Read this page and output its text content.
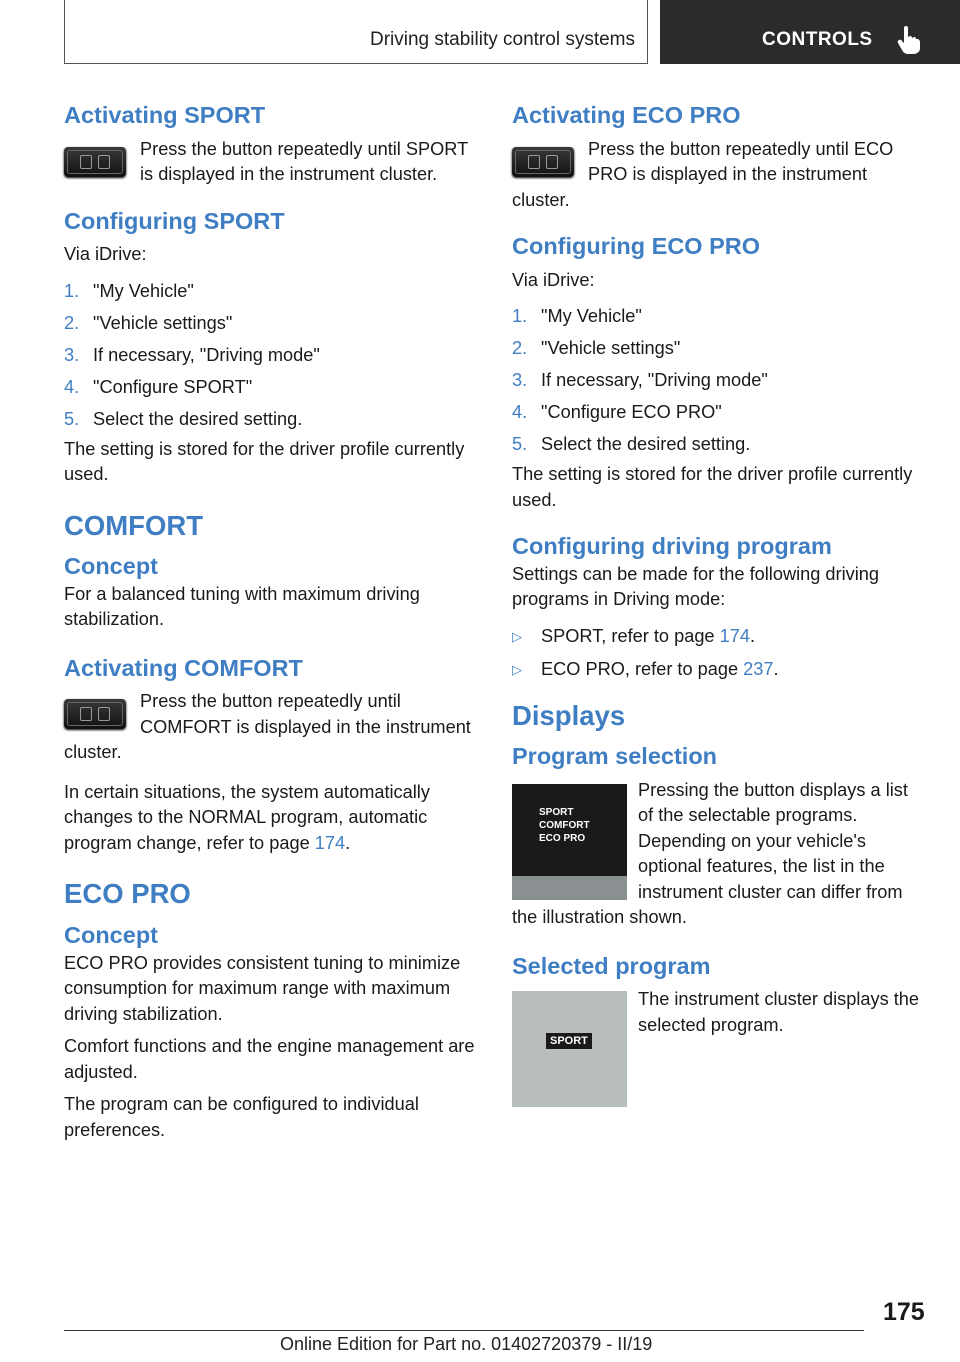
Driving stability control systems	CONTROLS
Activating SPORT

Press the button repeatedly until SPORT is displayed in the instrument cluster.

Configuring SPORT

Via iDrive:

1. "My Vehicle"
2. "Vehicle settings"
3. If necessary, "Driving mode"
4. "Configure SPORT"
5. Select the desired setting.

The setting is stored for the driver profile currently used.

COMFORT
Concept

For a balanced tuning with maximum driving stabilization.

Activating COMFORT

Press the button repeatedly until COMFORT is displayed in the instrument cluster.

In certain situations, the system automatically changes to the NORMAL program, automatic program change, refer to page 174.

ECO PRO
Concept

ECO PRO provides consistent tuning to minimize consumption for maximum range with maximum driving stabilization.

Comfort functions and the engine management are adjusted.

The program can be configured to individual preferences.

Activating ECO PRO

Press the button repeatedly until ECO PRO is displayed in the instrument cluster.

Configuring ECO PRO

Via iDrive:

1. "My Vehicle"
2. "Vehicle settings"
3. If necessary, "Driving mode"
4. "Configure ECO PRO"
5. Select the desired setting.

The setting is stored for the driver profile currently used.

Configuring driving program

Settings can be made for the following driving programs in Driving mode:

▷	SPORT, refer to page 174.
▷	ECO PRO, refer to page 237.
Displays
Program selection
SPORT
COMFORT
ECO PRO

Pressing the button displays a list of the selectable programs. Depending on your vehicle's optional features, the list in the instrument cluster can differ from the illustration shown.

Selected program
SPORT

The instrument cluster displays the selected program.

175
Online Edition for Part no. 01402720379 - II/19
